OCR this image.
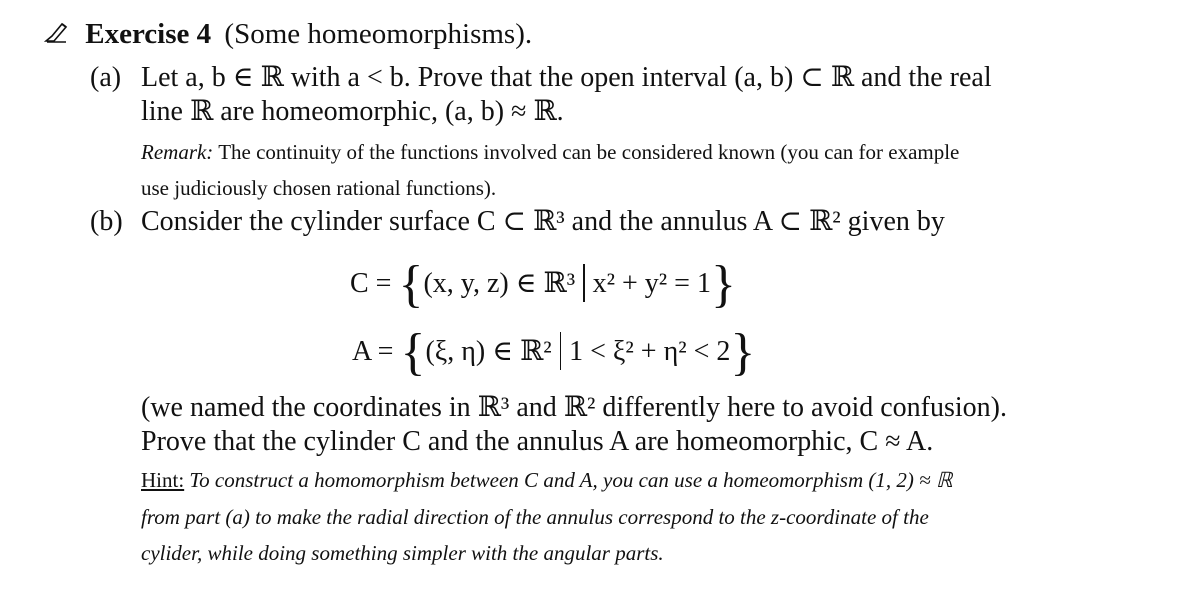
Exercise 4 (Some homeomorphisms).
(a) Let a, b ∈ ℝ with a < b. Prove that the open interval (a, b) ⊂ ℝ and the real
line ℝ are homeomorphic, (a, b) ≈ ℝ.
Remark: The continuity of the functions involved can be considered known (you can for example
use judiciously chosen rational functions).
(b) Consider the cylinder surface C ⊂ ℝ³ and the annulus A ⊂ ℝ² given by
C = {(x, y, z) ∈ ℝ³ x² + y² = 1}
A = {(ξ, η) ∈ ℝ² 1 < ξ² + η² < 2}
(we named the coordinates in ℝ³ and ℝ² differently here to avoid confusion).
Prove that the cylinder C and the annulus A are homeomorphic, C ≈ A.
Hint: To construct a homomorphism between C and A, you can use a homeomorphism (1, 2) ≈ ℝ
from part (a) to make the radial direction of the annulus correspond to the z-coordinate of the
cylider, while doing something simpler with the angular parts.
